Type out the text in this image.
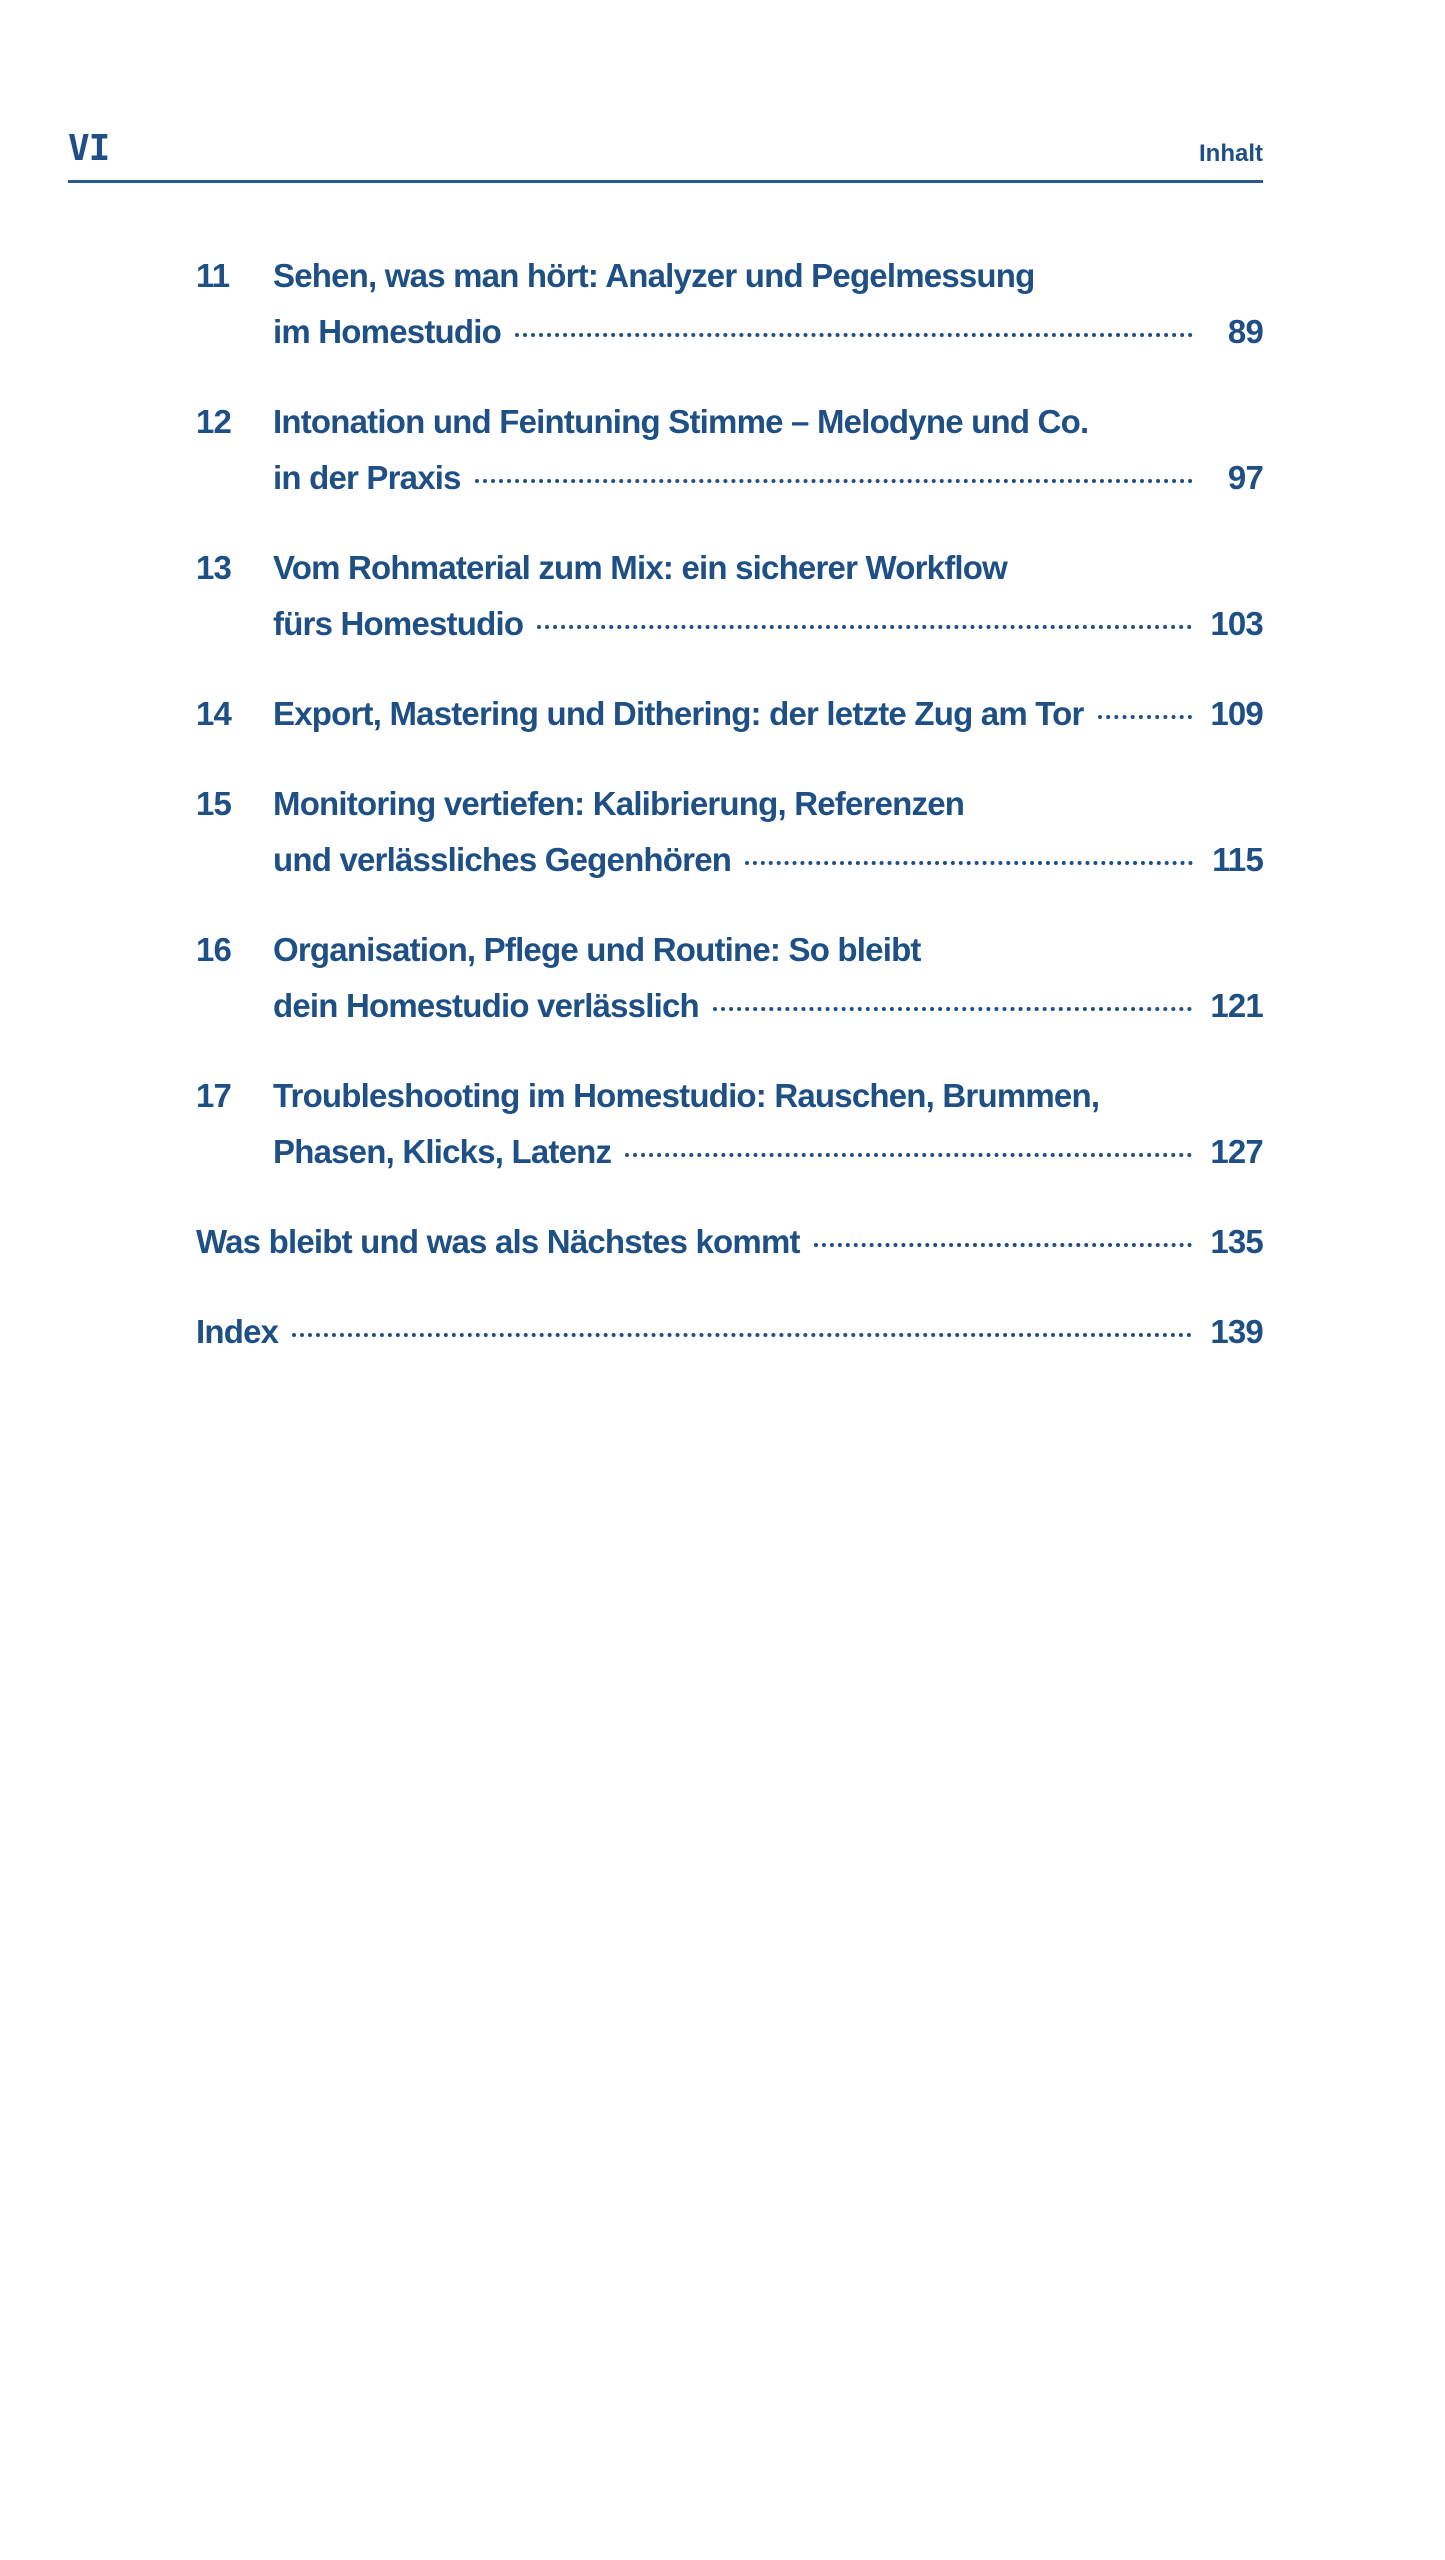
VI	Inhalt
11 Sehen, was man hört: Analyzer und Pegelmessung
im Homestudio	89
12 Intonation und Feintuning Stimme – Melodyne und Co.
in der Praxis	97
13 Vom Rohmaterial zum Mix: ein sicherer Workflow
fürs Homestudio	103
14 Export, Mastering und Dithering: der letzte Zug am Tor	109
15 Monitoring vertiefen: Kalibrierung, Referenzen
und verlässliches Gegenhören	115
16 Organisation, Pflege und Routine: So bleibt
dein Homestudio verlässlich	121
17 Troubleshooting im Homestudio: Rauschen, Brummen,
Phasen, Klicks, Latenz	127
Was bleibt und was als Nächstes kommt	135
Index	139
